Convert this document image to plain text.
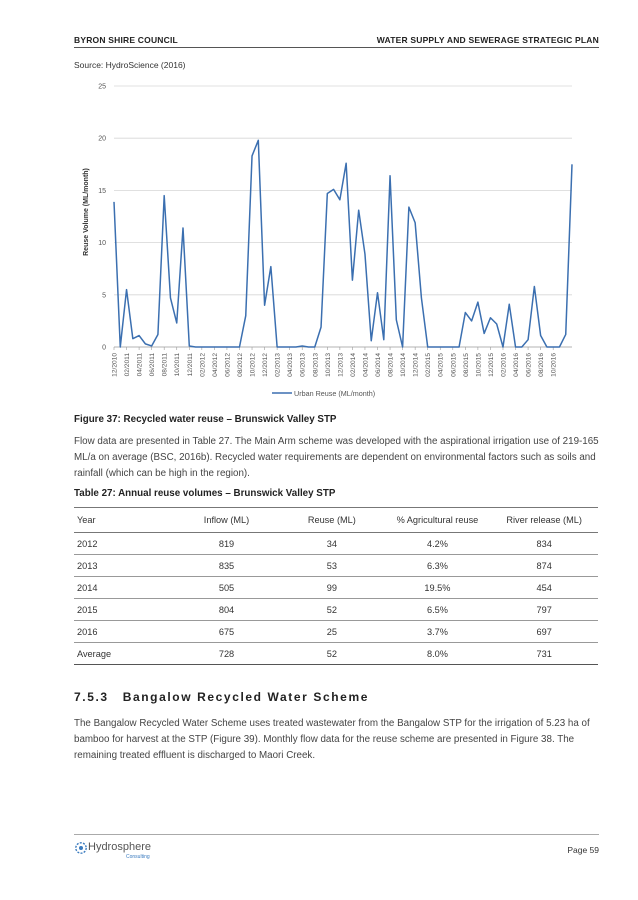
BYRON SHIRE COUNCIL	WATER SUPPLY AND SEWERAGE STRATEGIC PLAN
Source: HydroScience (2016)
0
5
10
15
20
25
12/2010 02/2011 04/2011 06/2011 08/2011 10/2011 12/2011 02/2012 04/2012 06/2012 08/2012 10/2012 12/2012 02/2013 04/2013 06/2013 08/2013 10/2013 12/2013 02/2014 04/2014 06/2014 08/2014 10/2014 12/2014 02/2015 04/2015 06/2015 08/2015 10/2015 12/2015 02/2016 04/2016 06/2016 08/2016 10/2016
Reuse Volume (ML/month)
Urban Reuse (ML/month)
Figure 37: Recycled water reuse – Brunswick Valley STP
Flow data are presented in Table 27. The Main Arm scheme was developed with the aspirational irrigation use of 219-165 ML/a on average (BSC, 2016b). Recycled water requirements are dependent on environmental factors such as soils and rainfall (which can be high in the region).
Table 27: Annual reuse volumes – Brunswick Valley STP
Year	Inflow (ML)	Reuse (ML)	% Agricultural reuse	River release (ML)
2012	819	34	4.2%	834
2013	835	53	6.3%	874
2014	505	99	19.5%	454
2015	804	52	6.5%	797
2016	675	25	3.7%	697
Average	728	52	8.0%	731
7.5.3 Bangalow Recycled Water Scheme
The Bangalow Recycled Water Scheme uses treated wastewater from the Bangalow STP for the irrigation of 5.23 ha of bamboo for harvest at the STP (Figure 39). Monthly flow data for the reuse scheme are presented in Figure 38. The remaining treated effluent is discharged to Maori Creek.
Hydrosphere
Consulting
Page 59
